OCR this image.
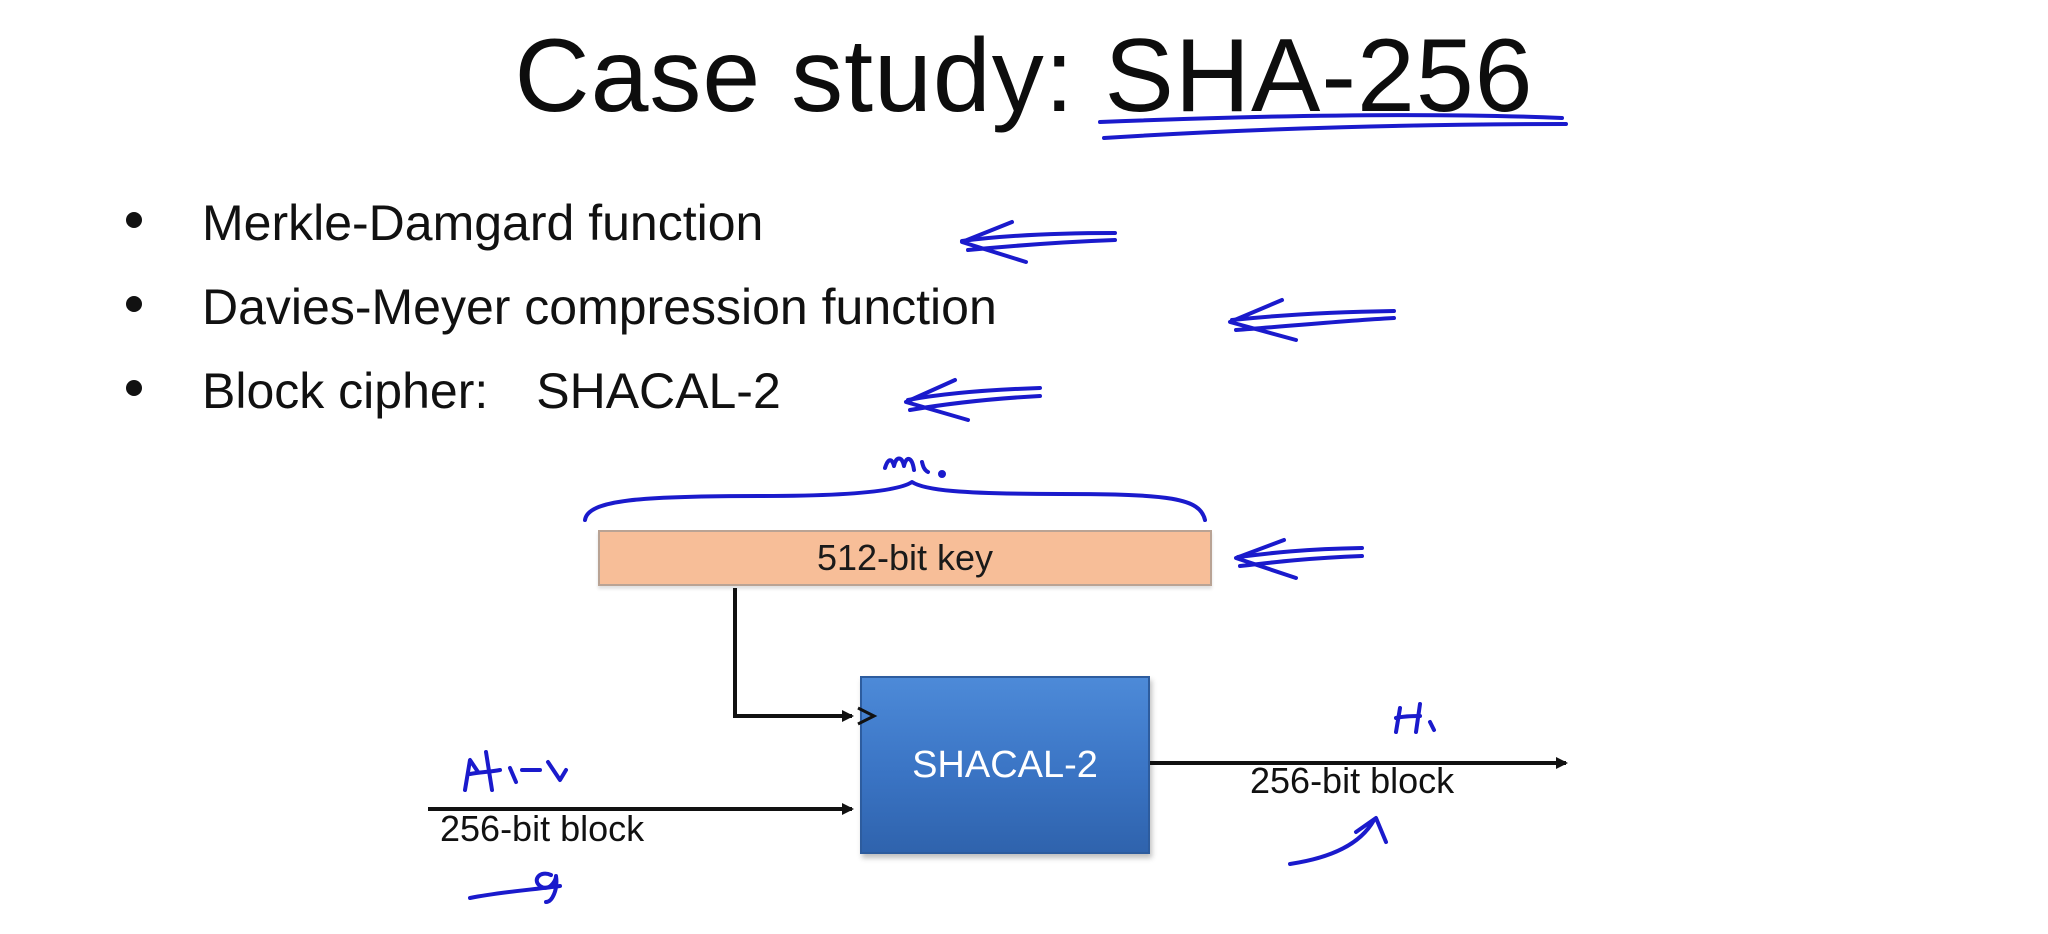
Case study: SHA-256
Merkle-Damgard function
Davies-Meyer compression function
Block cipher: SHACAL-2
512-bit key
SHACAL-2
256-bit block
256-bit block
